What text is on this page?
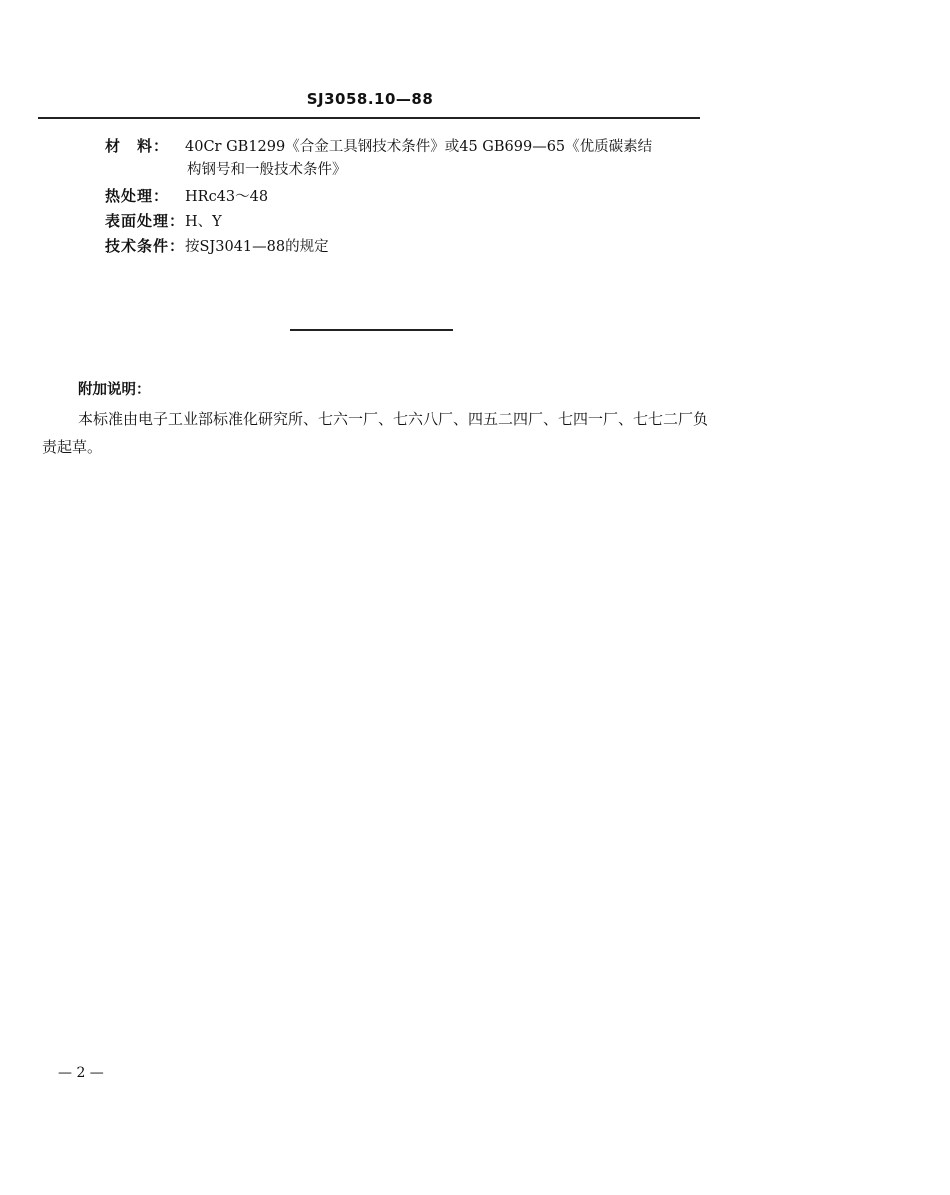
SJ3058.10—88
材　料： 40Cr GB1299《合金工具钢技术条件》或45 GB699—65《优质碳素结
构钢号和一般技术条件》
热处理： HRc43～48
表面处理：H、Y
技术条件：按SJ3041—88的规定
附加说明：
本标准由电子工业部标准化研究所、七六一厂、七六八厂、四五二四厂、七四一厂、七七二厂负责起草。
— 2 —
